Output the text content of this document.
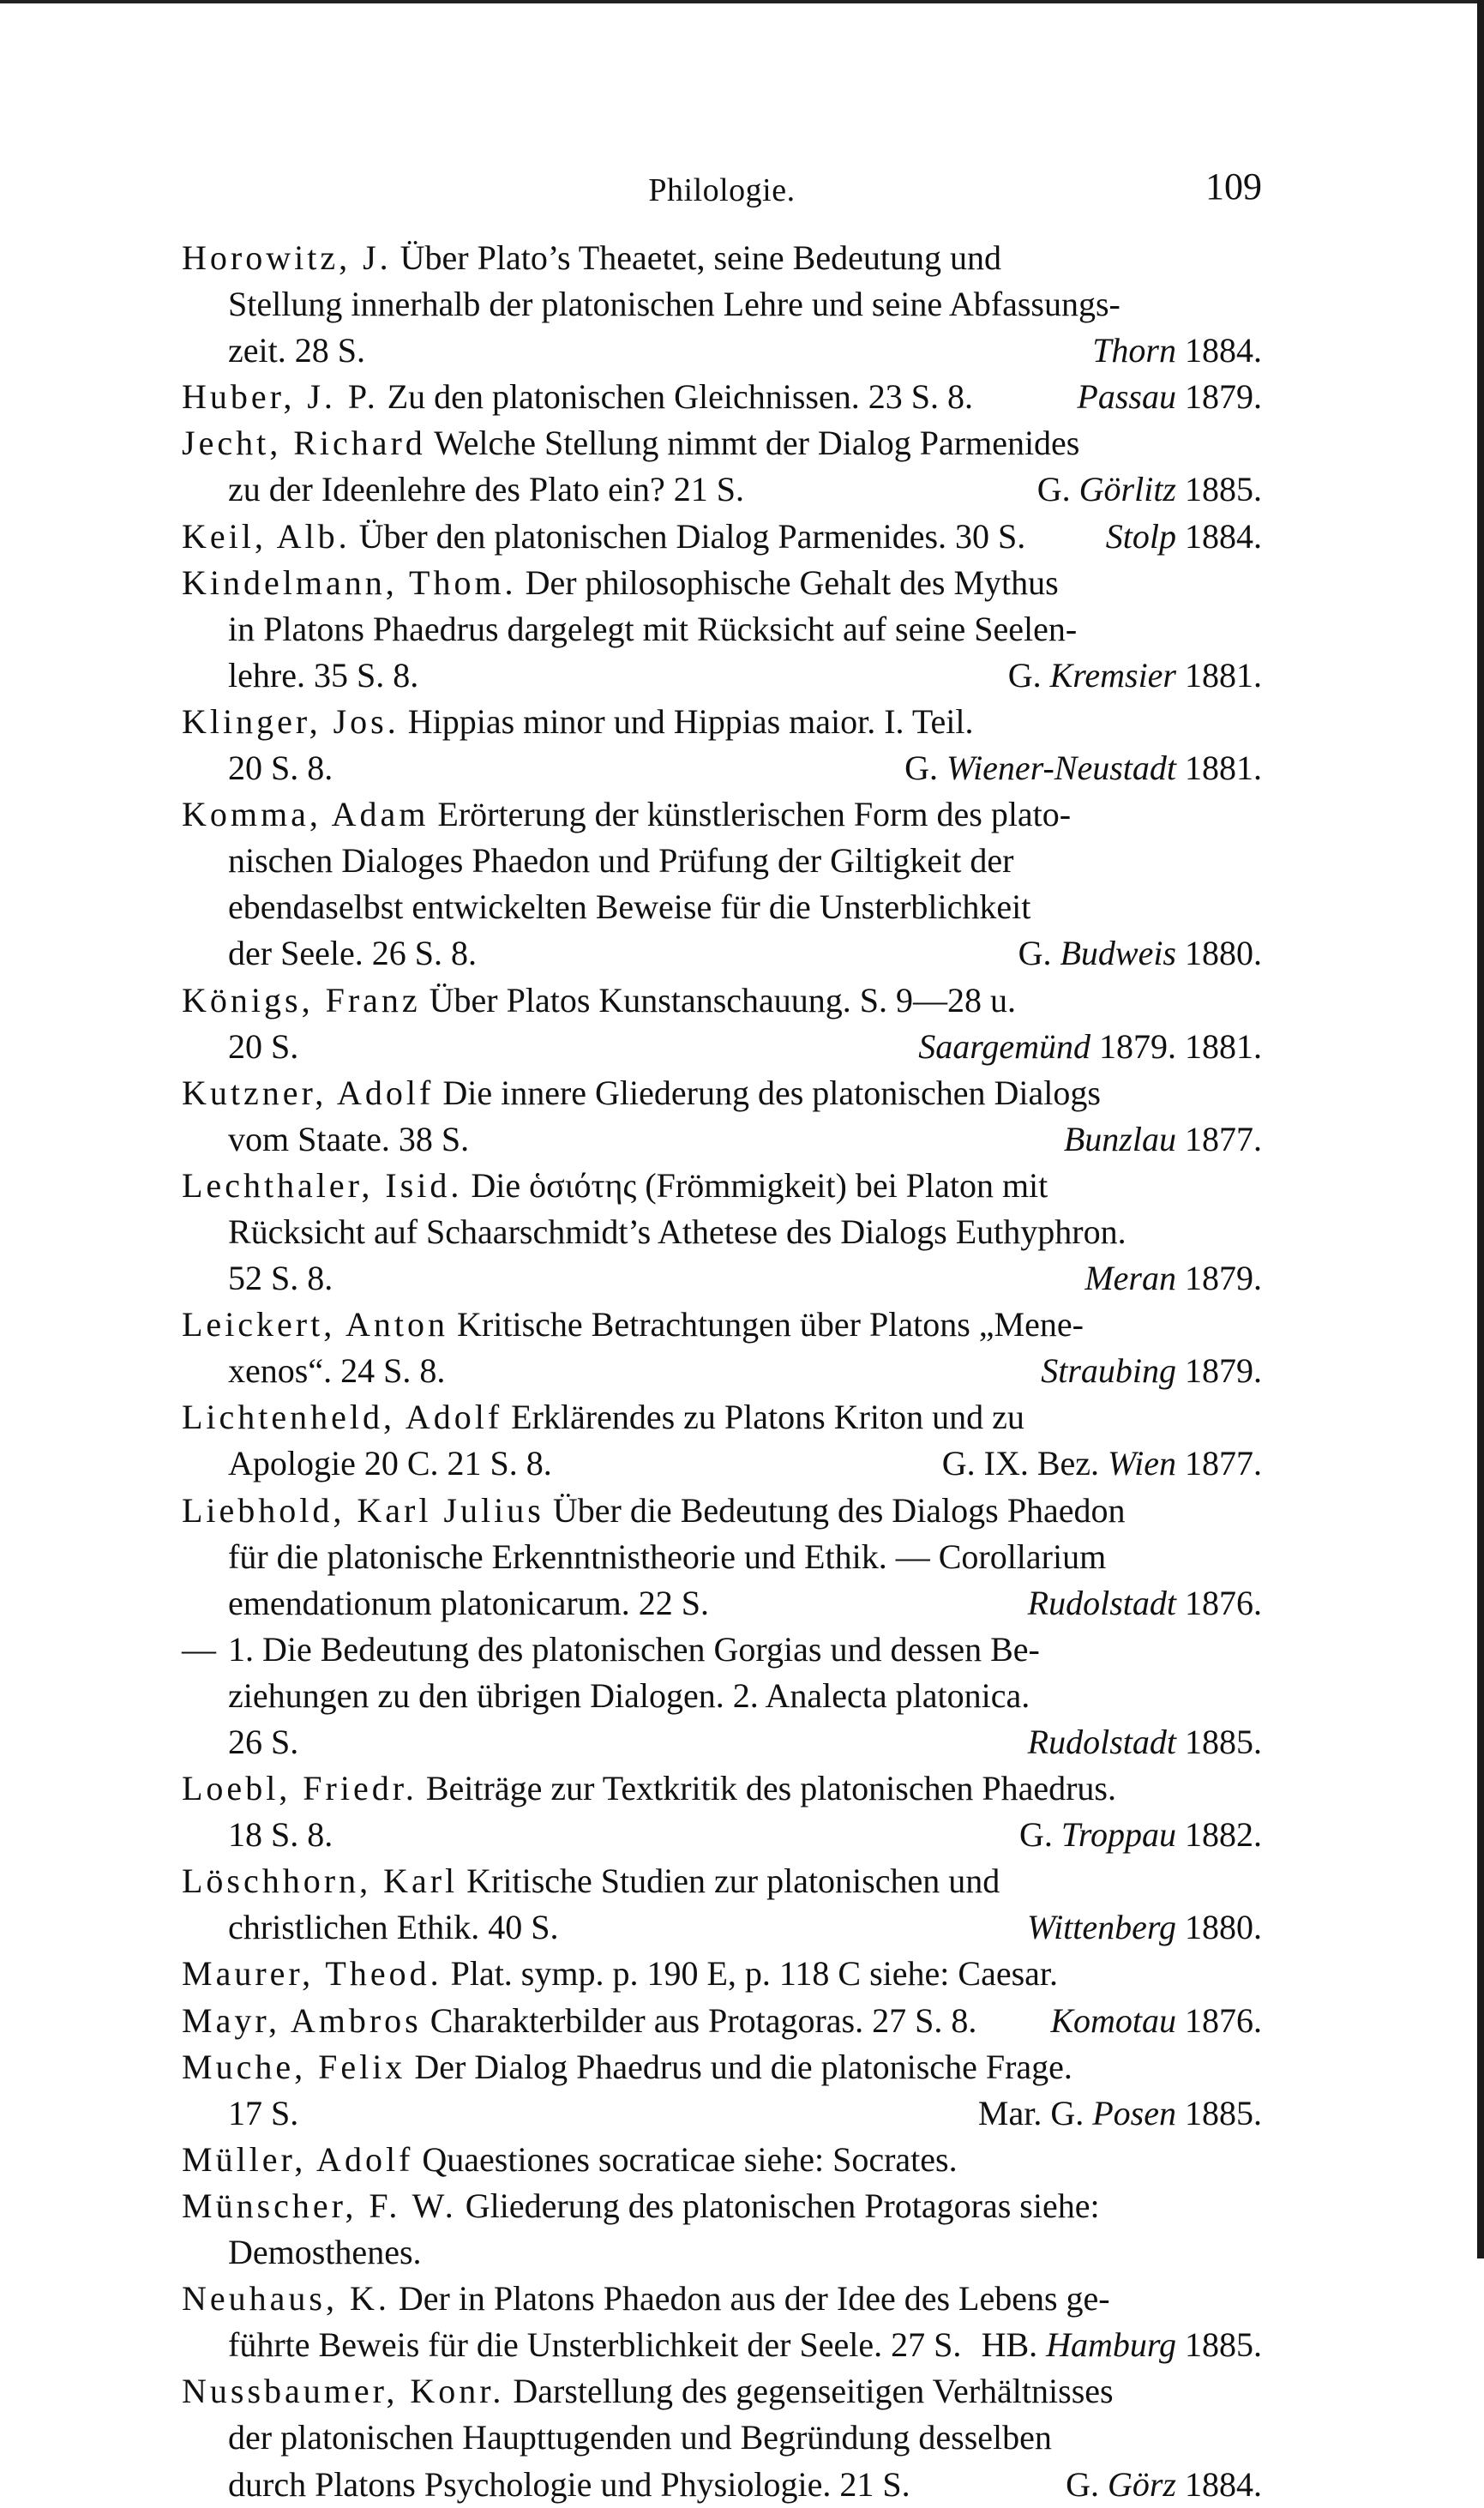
Philologie.	109
Horowitz, J. Über Plato’s Theaetet, seine Bedeutung und
Stellung innerhalb der platonischen Lehre und seine Abfassungs-
zeit. 28 S.	Thorn 1884.
Huber, J. P. Zu den platonischen Gleichnissen. 23 S. 8.	Passau 1879.
Jecht, Richard Welche Stellung nimmt der Dialog Parmenides
zu der Ideenlehre des Plato ein? 21 S.	G. Görlitz 1885.
Keil, Alb. Über den platonischen Dialog Parmenides. 30 S.	Stolp 1884.
Kindelmann, Thom. Der philosophische Gehalt des Mythus
in Platons Phaedrus dargelegt mit Rücksicht auf seine Seelen-
lehre. 35 S. 8.	G. Kremsier 1881.
Klinger, Jos. Hippias minor und Hippias maior. I. Teil.
20 S. 8.	G. Wiener-Neustadt 1881.
Komma, Adam Erörterung der künstlerischen Form des plato-
nischen Dialoges Phaedon und Prüfung der Giltigkeit der
ebendaselbst entwickelten Beweise für die Unsterblichkeit
der Seele. 26 S. 8.	G. Budweis 1880.
Königs, Franz Über Platos Kunstanschauung. S. 9—28 u.
20 S.	Saargemünd 1879. 1881.
Kutzner, Adolf Die innere Gliederung des platonischen Dialogs
vom Staate. 38 S.	Bunzlau 1877.
Lechthaler, Isid. Die ὁσιότης (Frömmigkeit) bei Platon mit
Rücksicht auf Schaarschmidt’s Athetese des Dialogs Euthyphron.
52 S. 8.	Meran 1879.
Leickert, Anton Kritische Betrachtungen über Platons „Mene-
xenos“. 24 S. 8.	Straubing 1879.
Lichtenheld, Adolf Erklärendes zu Platons Kriton und zu
Apologie 20 C. 21 S. 8.	G. IX. Bez. Wien 1877.
Liebhold, Karl Julius Über die Bedeutung des Dialogs Phaedon
für die platonische Erkenntnistheorie und Ethik. — Corollarium
emendationum platonicarum. 22 S.	Rudolstadt 1876.
— 1. Die Bedeutung des platonischen Gorgias und dessen Be-
ziehungen zu den übrigen Dialogen. 2. Analecta platonica.
26 S.	Rudolstadt 1885.
Loebl, Friedr. Beiträge zur Textkritik des platonischen Phaedrus.
18 S. 8.	G. Troppau 1882.
Löschhorn, Karl Kritische Studien zur platonischen und
christlichen Ethik. 40 S.	Wittenberg 1880.
Maurer, Theod. Plat. symp. p. 190 E, p. 118 C siehe: Caesar.
Mayr, Ambros Charakterbilder aus Protagoras. 27 S. 8.	Komotau 1876.
Muche, Felix Der Dialog Phaedrus und die platonische Frage.
17 S.	Mar. G. Posen 1885.
Müller, Adolf Quaestiones socraticae siehe: Socrates.
Münscher, F. W. Gliederung des platonischen Protagoras siehe:
Demosthenes.
Neuhaus, K. Der in Platons Phaedon aus der Idee des Lebens ge-
führte Beweis für die Unsterblichkeit der Seele. 27 S. HB. Hamburg 1885.
Nussbaumer, Konr. Darstellung des gegenseitigen Verhältnisses
der platonischen Haupttugenden und Begründung desselben
durch Platons Psychologie und Physiologie. 21 S.	G. Görz 1884.
